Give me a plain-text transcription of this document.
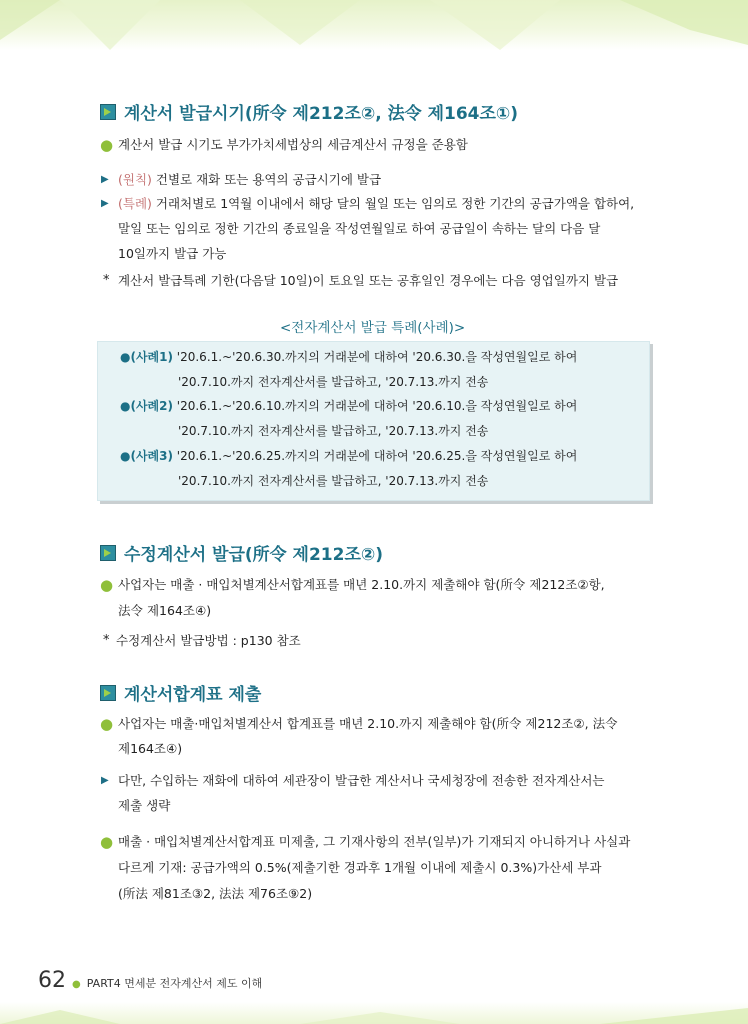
계산서 발급시기(所令 제212조②, 法令 제164조①)
● 계산서 발급 시기도 부가가치세법상의 세금계산서 규정을 준용함
▶ (원칙) 건별로 재화 또는 용역의 공급시기에 발급
▶ (특례) 거래처별로 1역월 이내에서 해당 달의 월일 또는 임의로 정한 기간의 공급가액을 합하여,
말일 또는 임의로 정한 기간의 종료일을 작성연월일로 하여 공급일이 속하는 달의 다음 달
10일까지 발급 가능
* 계산서 발급특례 기한(다음달 10일)이 토요일 또는 공휴일인 경우에는 다음 영업일까지 발급
<전자계산서 발급 특례(사례)>
●(사례1) '20.6.1.~'20.6.30.까지의 거래분에 대하여 '20.6.30.을 작성연월일로 하여
'20.7.10.까지 전자계산서를 발급하고, '20.7.13.까지 전송
●(사례2) '20.6.1.~'20.6.10.까지의 거래분에 대하여 '20.6.10.을 작성연월일로 하여
'20.7.10.까지 전자계산서를 발급하고, '20.7.13.까지 전송
●(사례3) '20.6.1.~'20.6.25.까지의 거래분에 대하여 '20.6.25.을 작성연월일로 하여
'20.7.10.까지 전자계산서를 발급하고, '20.7.13.까지 전송
수정계산서 발급(所令 제212조②)
● 사업자는 매출 · 매입처별계산서합계표를 매년 2.10.까지 제출해야 함(所令 제212조②항,
法令 제164조④)
* 수정계산서 발급방법 : p130 참조
계산서합계표 제출
● 사업자는 매출·매입처별계산서 합계표를 매년 2.10.까지 제출해야 함(所令 제212조②, 法令
제164조④)
▶ 다만, 수입하는 재화에 대하여 세관장이 발급한 계산서나 국세청장에 전송한 전자계산서는
제출 생략
● 매출 · 매입처별계산서합계표 미제출, 그 기재사항의 전부(일부)가 기재되지 아니하거나 사실과
다르게 기재: 공급가액의 0.5%(제출기한 경과후 1개월 이내에 제출시 0.3%)가산세 부과
(所法 제81조③2, 法法 제76조⑨2)
62 ● PART4 면세분 전자계산서 제도 이해
